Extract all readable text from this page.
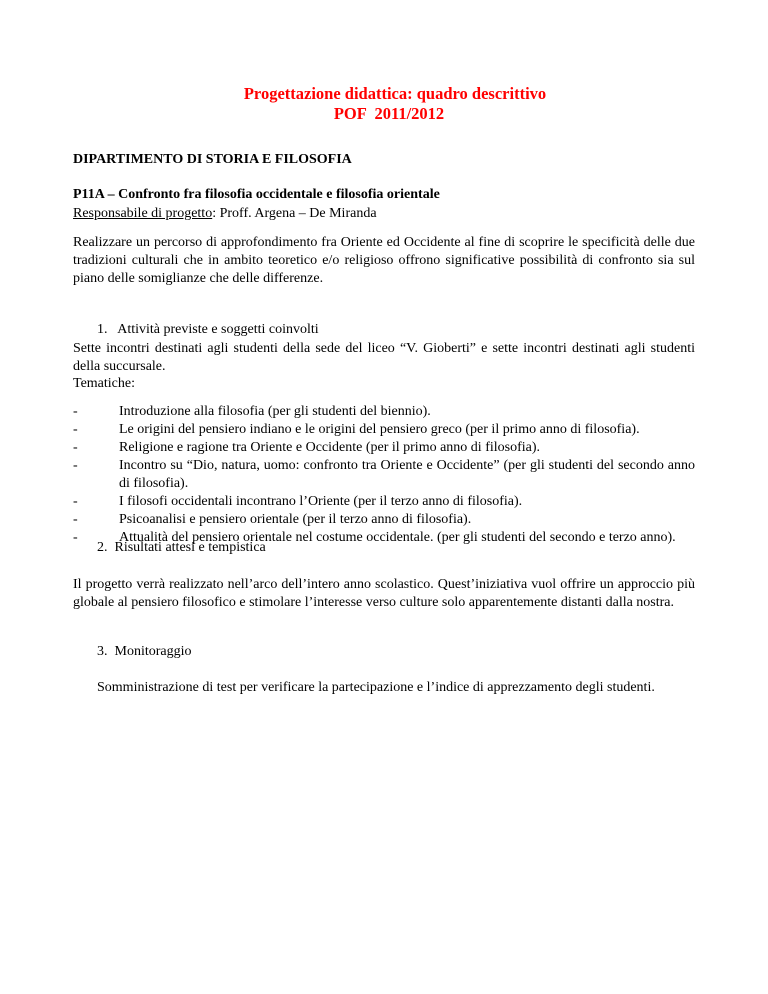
Progettazione didattica: quadro descrittivo
POF  2011/2012
DIPARTIMENTO DI STORIA E FILOSOFIA
P11A – Confronto fra filosofia occidentale e filosofia orientale
Responsabile di progetto: Proff. Argena – De Miranda
Realizzare un percorso di approfondimento fra Oriente ed Occidente al fine di scoprire le specificità delle due tradizioni culturali che in ambito teoretico e/o religioso offrono significative possibilità di confronto sia sul piano delle somiglianze che delle differenze.
1.   Attività previste e soggetti coinvolti
Sette incontri destinati agli studenti della sede del liceo “V. Gioberti” e sette incontri destinati agli studenti della succursale.
Tematiche:
-	Introduzione alla filosofia (per gli studenti del biennio).
-	Le origini del pensiero indiano e le origini del pensiero greco (per il primo anno di filosofia).
-	Religione e ragione tra Oriente e Occidente (per il primo anno di filosofia).
-	Incontro su “Dio, natura, uomo: confronto tra Oriente e Occidente” (per gli studenti del secondo anno di filosofia).
-	I filosofi occidentali incontrano l’Oriente (per il terzo anno di filosofia).
-	Psicoanalisi e pensiero orientale (per il terzo anno di filosofia).
-	Attualità del pensiero orientale nel costume occidentale. (per gli studenti del secondo e terzo anno).
2.  Risultati attesi e tempistica
Il progetto verrà realizzato nell’arco dell’intero anno scolastico. Quest’iniziativa vuol offrire un approccio più globale al pensiero filosofico e stimolare l’interesse verso culture solo apparentemente distanti dalla nostra.
3.  Monitoraggio
Somministrazione di test per verificare la partecipazione e l’indice di apprezzamento degli studenti.
